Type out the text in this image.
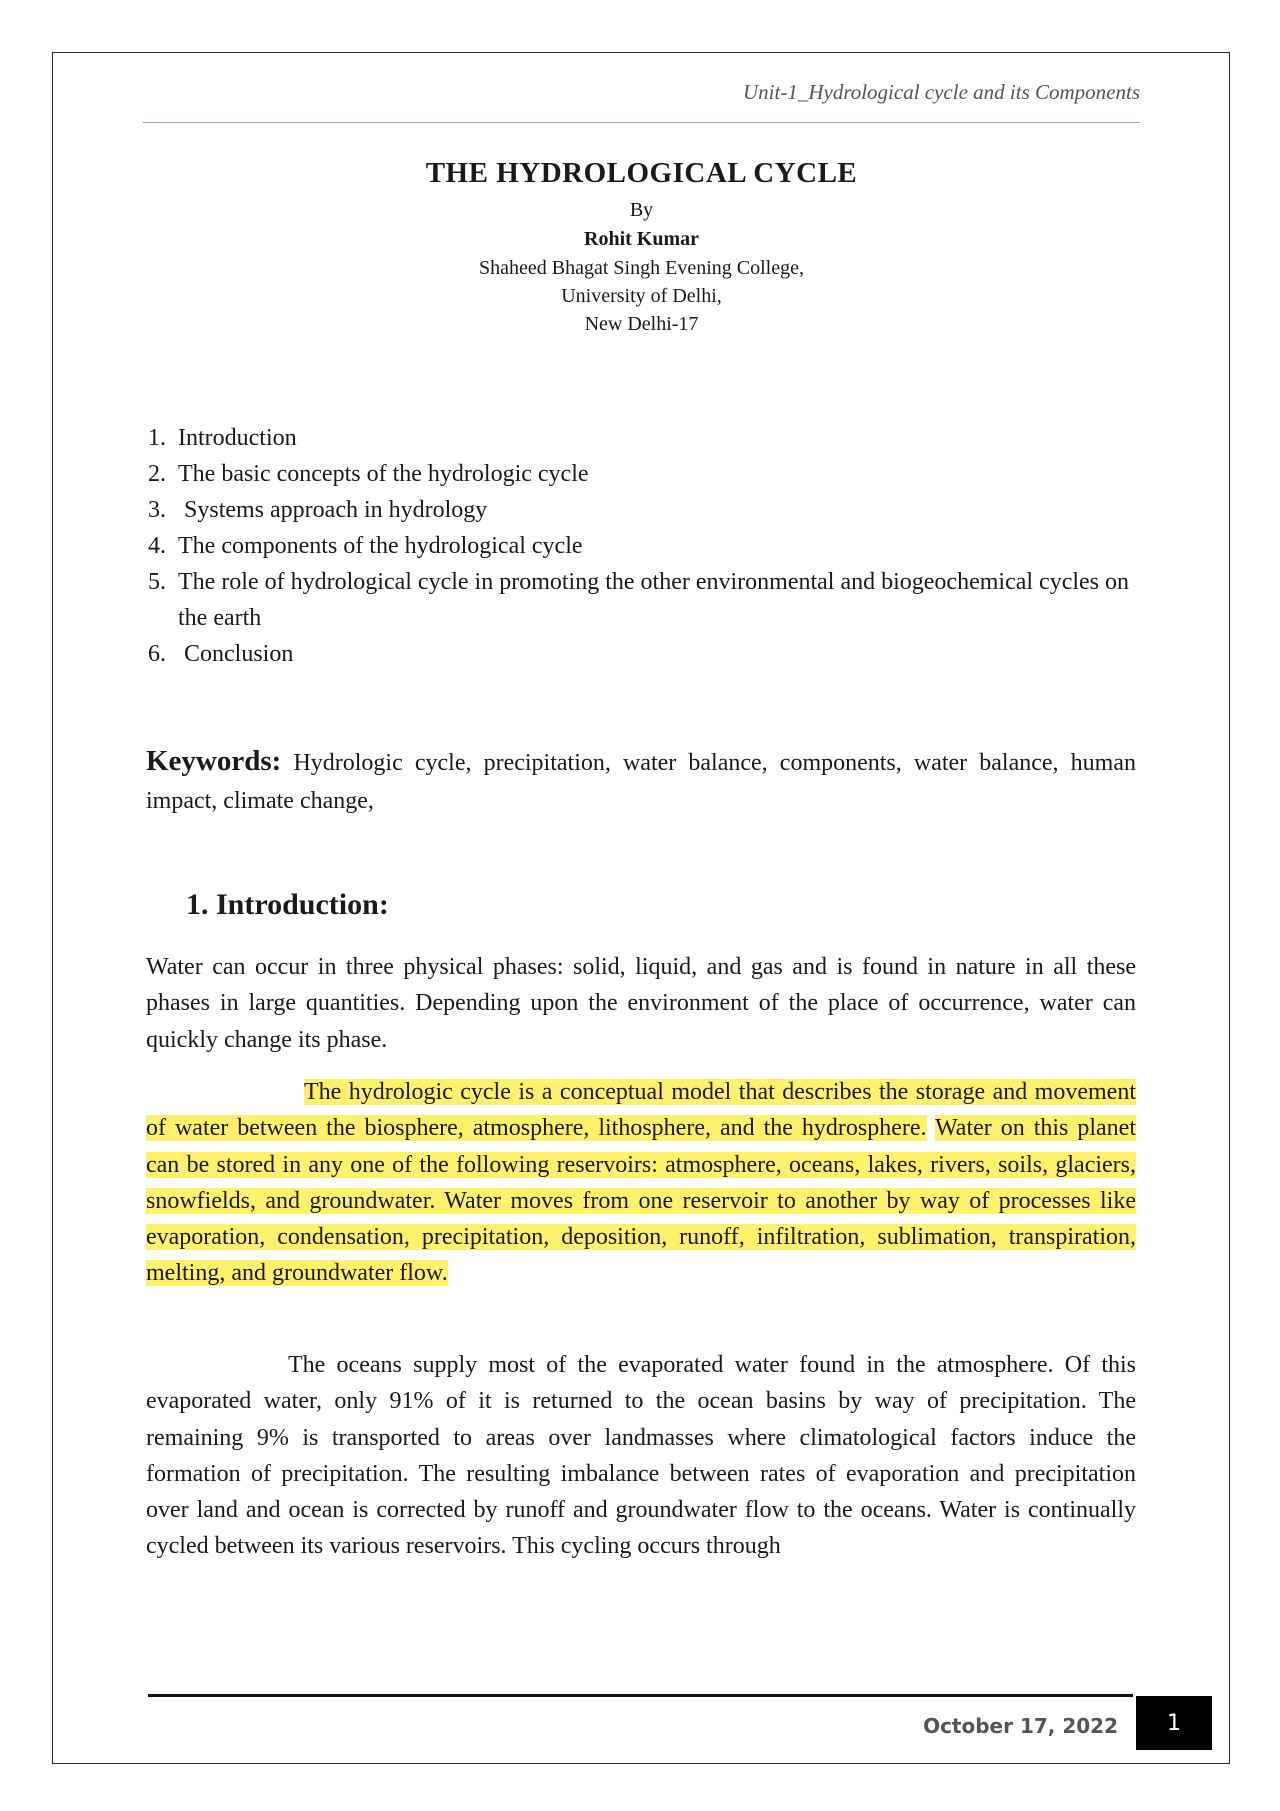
Unit-1_Hydrological cycle and its Components
THE HYDROLOGICAL CYCLE
By
Rohit Kumar
Shaheed Bhagat Singh Evening College,
University of Delhi,
New Delhi-17
1. Introduction
2. The basic concepts of the hydrologic cycle
3. Systems approach in hydrology
4. The components of the hydrological cycle
5. The role of hydrological cycle in promoting the other environmental and biogeochemical cycles on the earth
6. Conclusion

Keywords: Hydrologic cycle, precipitation, water balance, components, water balance, human impact, climate change,

1. Introduction:

Water can occur in three physical phases: solid, liquid, and gas and is found in nature in all these phases in large quantities. Depending upon the environment of the place of occurrence, water can quickly change its phase.

The hydrologic cycle is a conceptual model that describes the storage and movement of water between the biosphere, atmosphere, lithosphere, and the hydrosphere. Water on this planet can be stored in any one of the following reservoirs: atmosphere, oceans, lakes, rivers, soils, glaciers, snowfields, and groundwater. Water moves from one reservoir to another by way of processes like evaporation, condensation, precipitation, deposition, runoff, infiltration, sublimation, transpiration, melting, and groundwater flow.

The oceans supply most of the evaporated water found in the atmosphere. Of this evaporated water, only 91% of it is returned to the ocean basins by way of precipitation. The remaining 9% is transported to areas over landmasses where climatological factors induce the formation of precipitation. The resulting imbalance between rates of evaporation and precipitation over land and ocean is corrected by runoff and groundwater flow to the oceans. Water is continually cycled between its various reservoirs. This cycling occurs through

October 17, 2022 1
